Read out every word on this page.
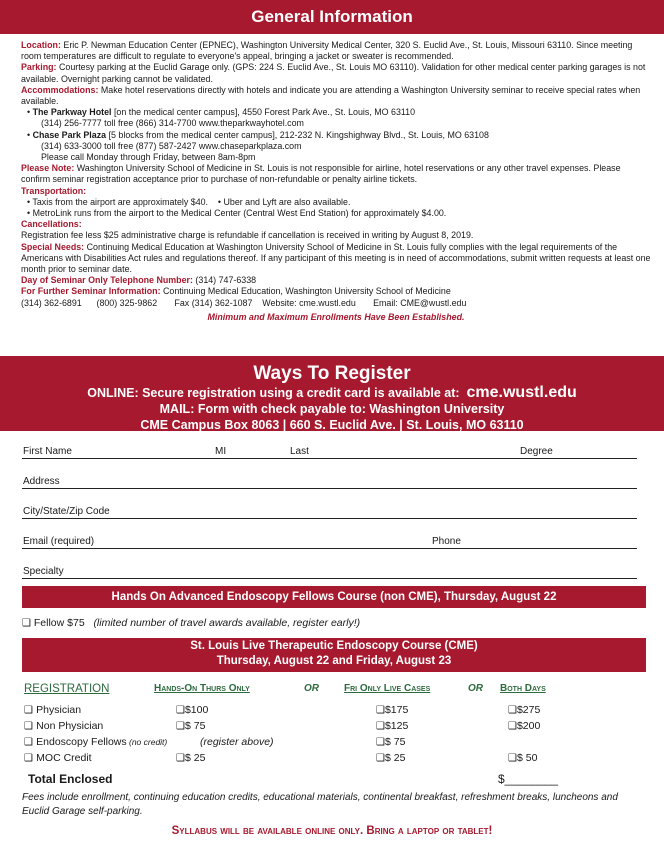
General Information

Location: Eric P. Newman Education Center (EPNEC), Washington University Medical Center, 320 S. Euclid Ave., St. Louis, Missouri 63110. Since meeting room temperatures are difficult to regulate to everyone's appeal, bringing a jacket or sweater is recommended.

Parking: Courtesy parking at the Euclid Garage only. (GPS: 224 S. Euclid Ave., St. Louis MO 63110). Validation for other medical center parking garages is not available. Overnight parking cannot be validated.

Accommodations: Make hotel reservations directly with hotels and indicate you are attending a Washington University seminar to receive special rates when available.

• The Parkway Hotel [on the medical center campus], 4550 Forest Park Ave., St. Louis, MO 63110

(314) 256-7777 toll free (866) 314-7700 www.theparkwayhotel.com

• Chase Park Plaza [5 blocks from the medical center campus], 212-232 N. Kingshighway Blvd., St. Louis, MO 63108

(314) 633-3000 toll free (877) 587-2427 www.chaseparkplaza.com

Please call Monday through Friday, between 8am-8pm

Please Note: Washington University School of Medicine in St. Louis is not responsible for airline, hotel reservations or any other travel expenses. Please confirm seminar registration acceptance prior to purchase of non-refundable or penalty airline tickets.

Transportation:

• Taxis from the airport are approximately $40.    • Uber and Lyft are also available.

• MetroLink runs from the airport to the Medical Center (Central West End Station) for approximately $4.00.

Cancellations:

Registration fee less $25 administrative charge is refundable if cancellation is received in writing by August 8, 2019.

Special Needs: Continuing Medical Education at Washington University School of Medicine in St. Louis fully complies with the legal requirements of the Americans with Disabilities Act rules and regulations thereof. If any participant of this meeting is in need of accommodations, submit written requests at least one month prior to seminar date.

Day of Seminar Only Telephone Number: (314) 747-6338

For Further Seminar Information: Continuing Medical Education, Washington University School of Medicine

(314) 362-6891      (800) 325-9862       Fax (314) 362-1087    Website: cme.wustl.edu       Email: CME@wustl.edu

Minimum and Maximum Enrollments Have Been Established.

Ways To Register
ONLINE: Secure registration using a credit card is available at: cme.wustl.edu
MAIL: Form with check payable to: Washington University
CME Campus Box 8063 | 660 S. Euclid Ave. | St. Louis, MO 63110
First Name	MI	Last	Degree
Address
City/State/Zip Code
Email (required)	Phone
Specialty
Hands On Advanced Endoscopy Fellows Course (non CME), Thursday, August 22
❑ Fellow $75 (limited number of travel awards available, register early!)
St. Louis Live Therapeutic Endoscopy Course (CME)
Thursday, August 22 and Friday, August 23
REGISTRATION	Hands-On Thurs Only	OR	Fri Only Live Cases	OR Both Days
❑ Physician	❑$100	❑$175	❑$275
❑ Non Physician	❑$ 75	❑$125	❑$200
❑ Endoscopy Fellows (no credit)	(register above)	❑$ 75
❑ MOC Credit	❑$ 25	❑$ 25	❑$ 50
Total Enclosed	$________
Fees include enrollment, continuing education credits, educational materials, continental breakfast, refreshment breaks, luncheons and Euclid Garage self-parking.
Syllabus will be available online only. Bring a laptop or tablet!
